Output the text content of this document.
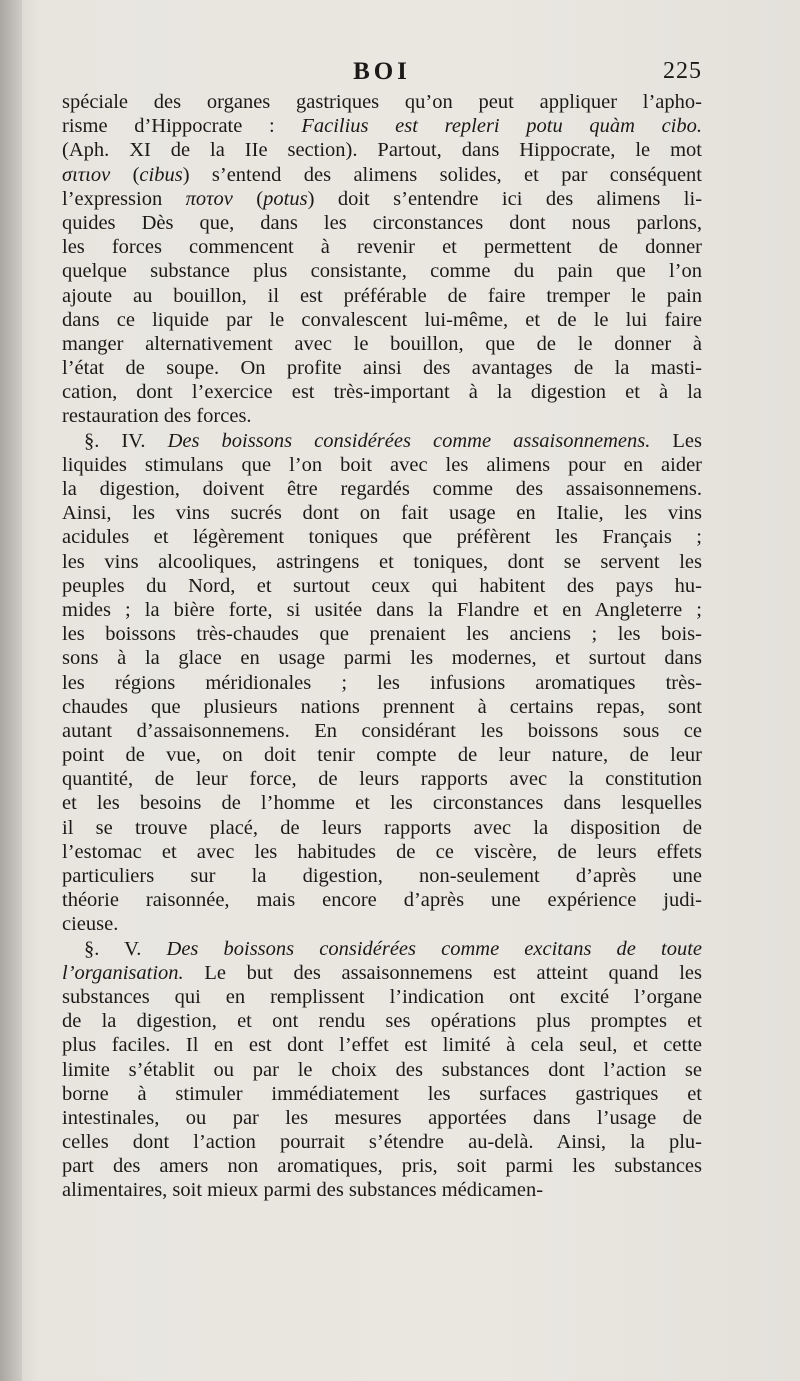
BOI	225
spéciale des organes gastriques qu’on peut appliquer l’apho-
risme d’Hippocrate : Facilius est repleri potu quàm cibo.
(Aph. XI de la IIe section). Partout, dans Hippocrate, le mot
σιτιον (cibus) s’entend des alimens solides, et par conséquent
l’expression ποτον (potus) doit s’entendre ici des alimens li-
quides Dès que, dans les circonstances dont nous parlons,
les forces commencent à revenir et permettent de donner
quelque substance plus consistante, comme du pain que l’on
ajoute au bouillon, il est préférable de faire tremper le pain
dans ce liquide par le convalescent lui-même, et de le lui faire
manger alternativement avec le bouillon, que de le donner à
l’état de soupe. On profite ainsi des avantages de la masti-
cation, dont l’exercice est très-important à la digestion et à la
restauration des forces.
§. IV. Des boissons considérées comme assaisonnemens. Les
liquides stimulans que l’on boit avec les alimens pour en aider
la digestion, doivent être regardés comme des assaisonnemens.
Ainsi, les vins sucrés dont on fait usage en Italie, les vins
acidules et légèrement toniques que préfèrent les Français ;
les vins alcooliques, astringens et toniques, dont se servent les
peuples du Nord, et surtout ceux qui habitent des pays hu-
mides ; la bière forte, si usitée dans la Flandre et en Angleterre ;
les boissons très-chaudes que prenaient les anciens ; les bois-
sons à la glace en usage parmi les modernes, et surtout dans
les régions méridionales ; les infusions aromatiques très-
chaudes que plusieurs nations prennent à certains repas, sont
autant d’assaisonnemens. En considérant les boissons sous ce
point de vue, on doit tenir compte de leur nature, de leur
quantité, de leur force, de leurs rapports avec la constitution
et les besoins de l’homme et les circonstances dans lesquelles
il se trouve placé, de leurs rapports avec la disposition de
l’estomac et avec les habitudes de ce viscère, de leurs effets
particuliers sur la digestion, non-seulement d’après une
théorie raisonnée, mais encore d’après une expérience judi-
cieuse.
§. V. Des boissons considérées comme excitans de toute
l’organisation. Le but des assaisonnemens est atteint quand les
substances qui en remplissent l’indication ont excité l’organe
de la digestion, et ont rendu ses opérations plus promptes et
plus faciles. Il en est dont l’effet est limité à cela seul, et cette
limite s’établit ou par le choix des substances dont l’action se
borne à stimuler immédiatement les surfaces gastriques et
intestinales, ou par les mesures apportées dans l’usage de
celles dont l’action pourrait s’étendre au-delà. Ainsi, la plu-
part des amers non aromatiques, pris, soit parmi les substances
alimentaires, soit mieux parmi des substances médicamen-
